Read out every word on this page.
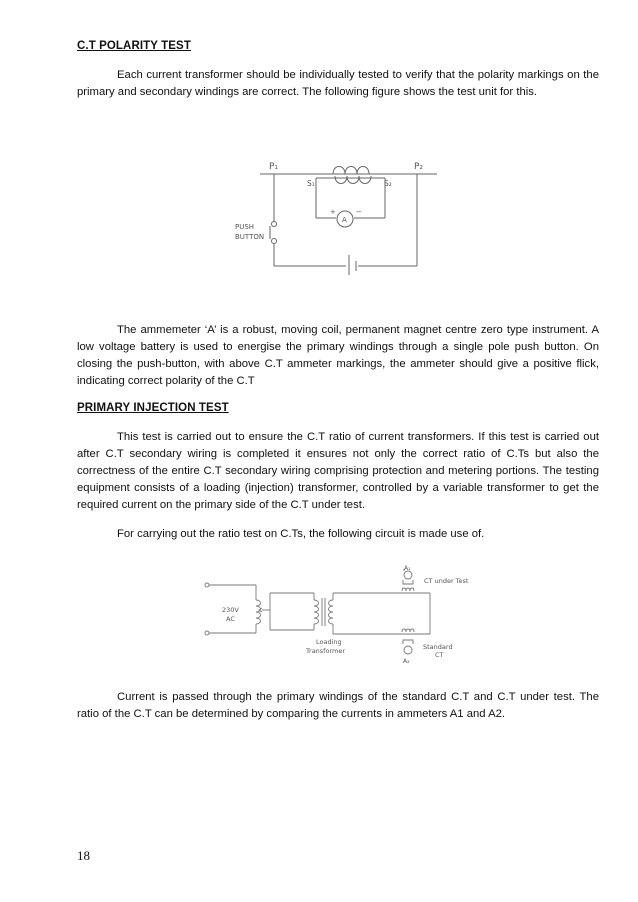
C.T POLARITY TEST
Each current transformer should be individually tested to verify that the polarity markings on the primary and secondary windings are correct. The following figure shows the test unit for this.
P₁	P₂
S₁	S₂
A
+	−
PUSH
BUTTON
The ammemeter ‘A’ is a robust, moving coil, permanent magnet centre zero type instrument. A low voltage battery is used to energise the primary windings through a single pole push button. On closing the push-button, with above C.T ammeter markings, the ammeter should give a positive flick, indicating correct polarity of the C.T
PRIMARY INJECTION TEST
This test is carried out to ensure the C.T ratio of current transformers. If this test is carried out after C.T secondary wiring is completed it ensures not only the correct ratio of C.Ts but also the correctness of the entire C.T secondary wiring comprising protection and metering portions. The testing equipment consists of a loading (injection) transformer, controlled by a variable transformer to get the required current on the primary side of the C.T under test.
For carrying out the ratio test on C.Ts, the following circuit is made use of.
230V
AC
A₁
A₂
CT under Test
Loading
Transformer	Standard
CT
Current is passed through the primary windings of the standard C.T and C.T under test. The ratio of the C.T can be determined by comparing the currents in ammeters A1 and A2.
18
